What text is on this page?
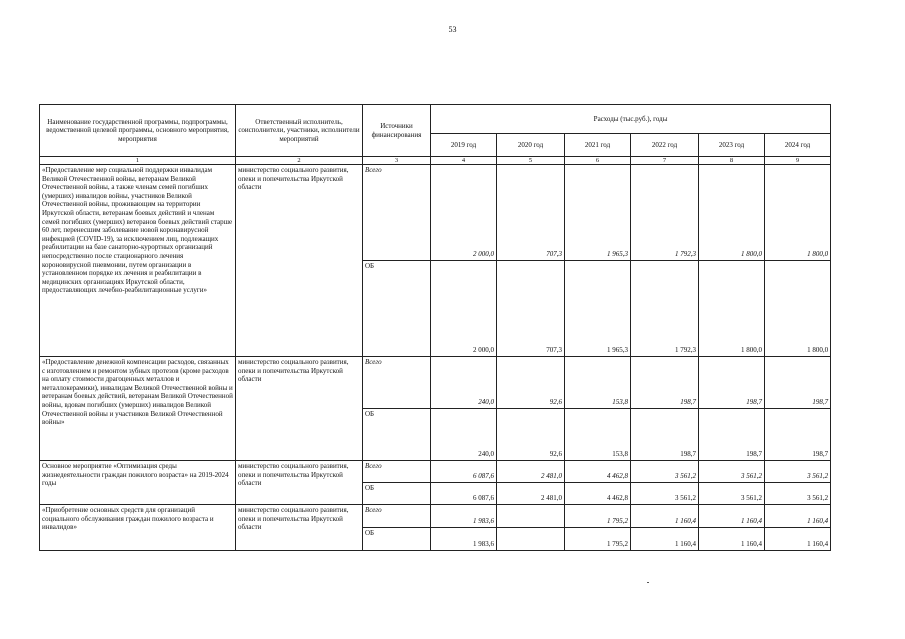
53
Наименование государственной программы, подпрограммы, ведомственной целевой программы, основного мероприятия, мероприятия	Ответственный исполнитель, соисполнители, участники, исполнители мероприятий	Источники финансирования	Расходы (тыс.руб.), годы					
			2019 год	2020 год	2021 год	2022 год	2023 год	2024 год
1	2	3	4	5	6	7	8	9
«Предоставление мер социальной поддержки инвалидам Великой Отечественной войны, ветеранам Великой Отечественной войны, а также членам семей погибших (умерших) инвалидов войны, участников Великой Отечественной войны, проживающим на территории Иркутской области, ветеранам боевых действий и членам семей погибших (умерших) ветеранов боевых действий старше 60 лет, перенесшим заболевание новой коронавирусной инфекцией (COVID-19), за исключением лиц, подлежащих реабилитации на базе санаторно-курортных организаций непосредственно после стационарного лечения короновирусной пневмонии, путем организации в установленном порядке их лечения и реабилитации в медицинских организациях Иркутской области, предоставляющих лечебно-реабилитационные услуги»	министерство социального развития, опеки и попечительства Иркутской области	Всего	2 000,0	707,3	1 965,3	1 792,3	1 800,0	1 800,0
		ОБ	2 000,0	707,3	1 965,3	1 792,3	1 800,0	1 800,0
«Предоставление денежной компенсации расходов, связанных с изготовлением и ремонтом зубных протезов (кроме расходов на оплату стоимости драгоценных металлов и металлокерамики), инвалидам Великой Отечественной войны и ветеранам боевых действий, ветеранам Великой Отечественной войны, вдовам погибших (умерших) инвалидов Великой Отечественной войны и участников Великой Отечественной войны»	министерство социального развития, опеки и попечительства Иркутской области	Всего	240,0	92,6	153,8	198,7	198,7	198,7
		ОБ	240,0	92,6	153,8	198,7	198,7	198,7
Основное мероприятие «Оптимизация среды жизнедеятельности граждан пожилого возраста» на 2019-2024 годы	министерство социального развития, опеки и попечительства Иркутской области	Всего	6 087,6	2 481,0	4 462,8	3 561,2	3 561,2	3 561,2
		ОБ	6 087,6	2 481,0	4 462,8	3 561,2	3 561,2	3 561,2
«Приобретение основных средств для организаций социального обслуживания граждан пожилого возраста и инвалидов»	министерство социального развития, опеки и попечительства Иркутской области	Всего	1 983,6		1 795,2	1 160,4	1 160,4	1 160,4
		ОБ	1 983,6		1 795,2	1 160,4	1 160,4	1 160,4
